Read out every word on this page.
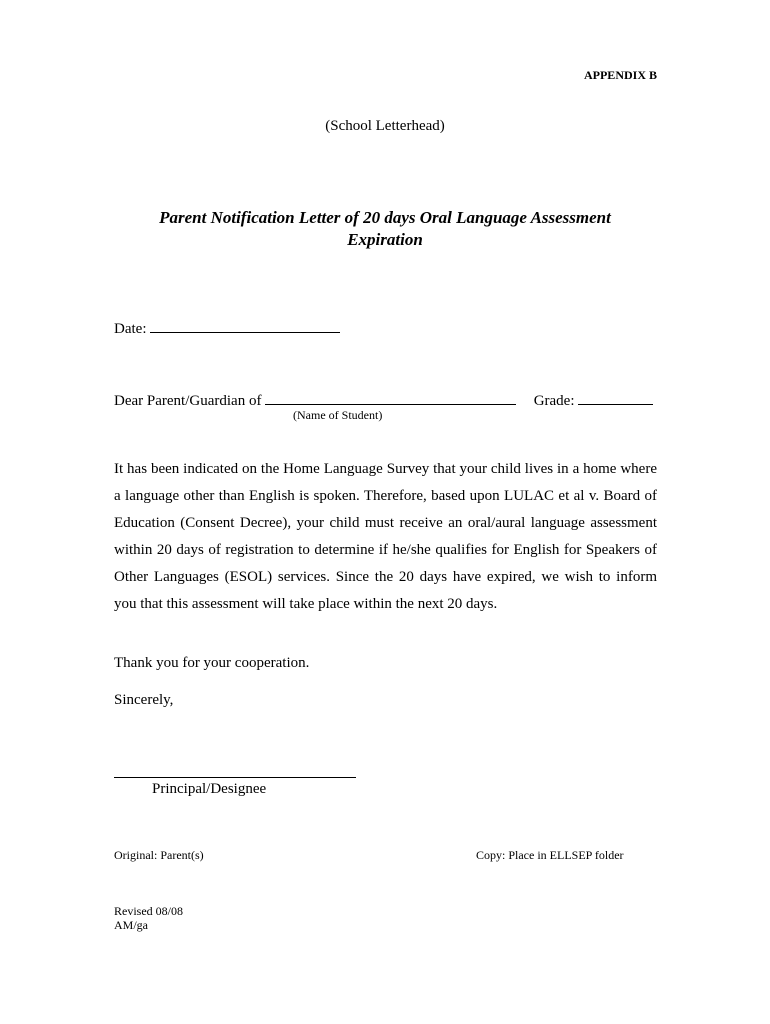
APPENDIX B
(School Letterhead)
Parent Notification Letter of 20 days Oral Language Assessment
Expiration
Date:
Dear Parent/Guardian of	Grade:
(Name of Student)
It has been indicated on the Home Language Survey that your child lives in a home where a language other than English is spoken. Therefore, based upon LULAC et al v. Board of Education (Consent Decree), your child must receive an oral/aural language assessment within 20 days of registration to determine if he/she qualifies for English for Speakers of Other Languages (ESOL) services. Since the 20 days have expired, we wish to inform you that this assessment will take place within the next 20 days.
Thank you for your cooperation.
Sincerely,
Principal/Designee
Original: Parent(s)	Copy: Place in ELLSEP folder
Revised 08/08
AM/ga
